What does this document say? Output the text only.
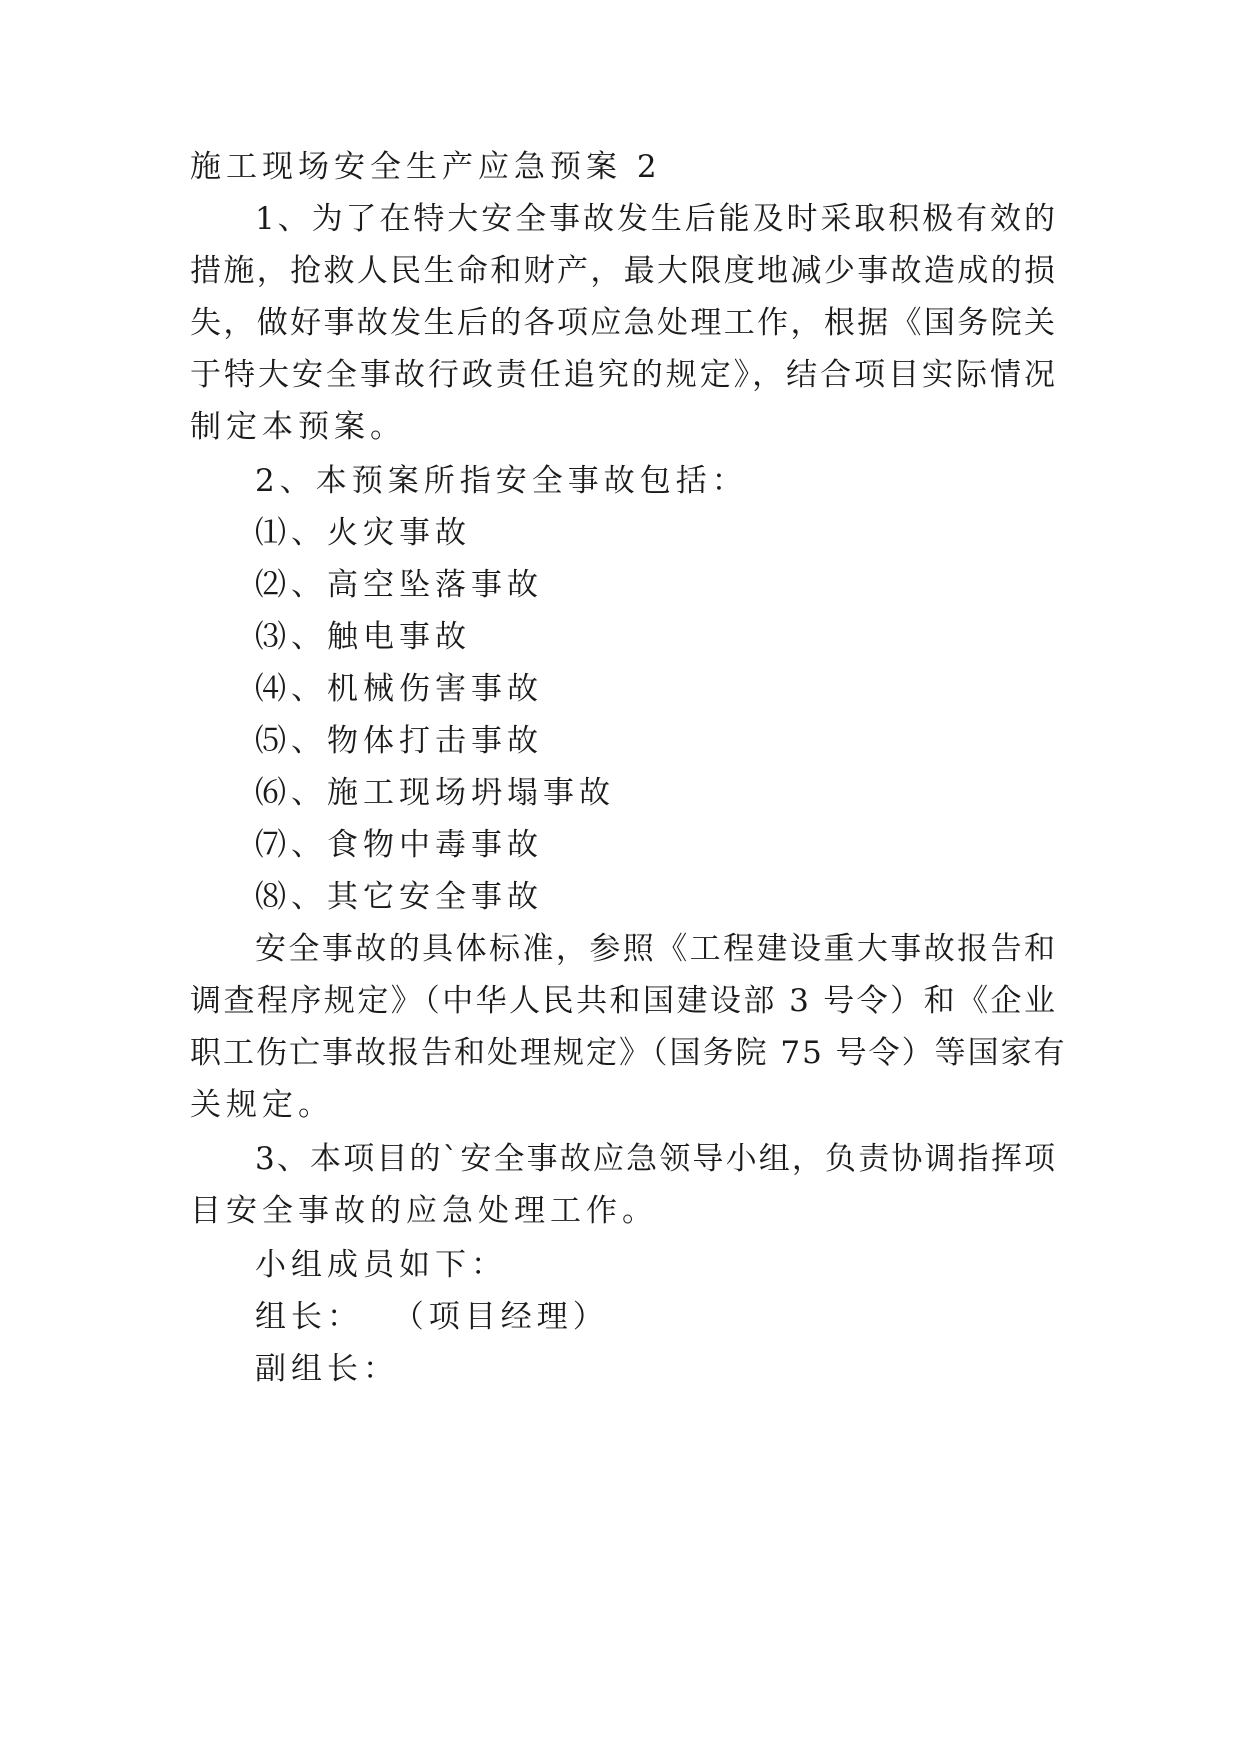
施工现场安全生产应急预案 2
1、为了在特大安全事故发生后能及时采取积极有效的
措施，抢救人民生命和财产，最大限度地减少事故造成的损
失，做好事故发生后的各项应急处理工作，根据《国务院关
于特大安全事故行政责任追究的规定》，结合项目实际情况
制定本预案。
2、本预案所指安全事故包括：
⑴、火灾事故
⑵、高空坠落事故
⑶、触电事故
⑷、机械伤害事故
⑸、物体打击事故
⑹、施工现场坍塌事故
⑺、食物中毒事故
⑻、其它安全事故
安全事故的具体标准，参照《工程建设重大事故报告和
调查程序规定》（中华人民共和国建设部 3 号令）和《企业
职工伤亡事故报告和处理规定》（国务院 75 号令）等国家有
关规定。
3、本项目的`安全事故应急领导小组，负责协调指挥项
目安全事故的应急处理工作。
小组成员如下：
组长：  （项目经理）
副组长：
